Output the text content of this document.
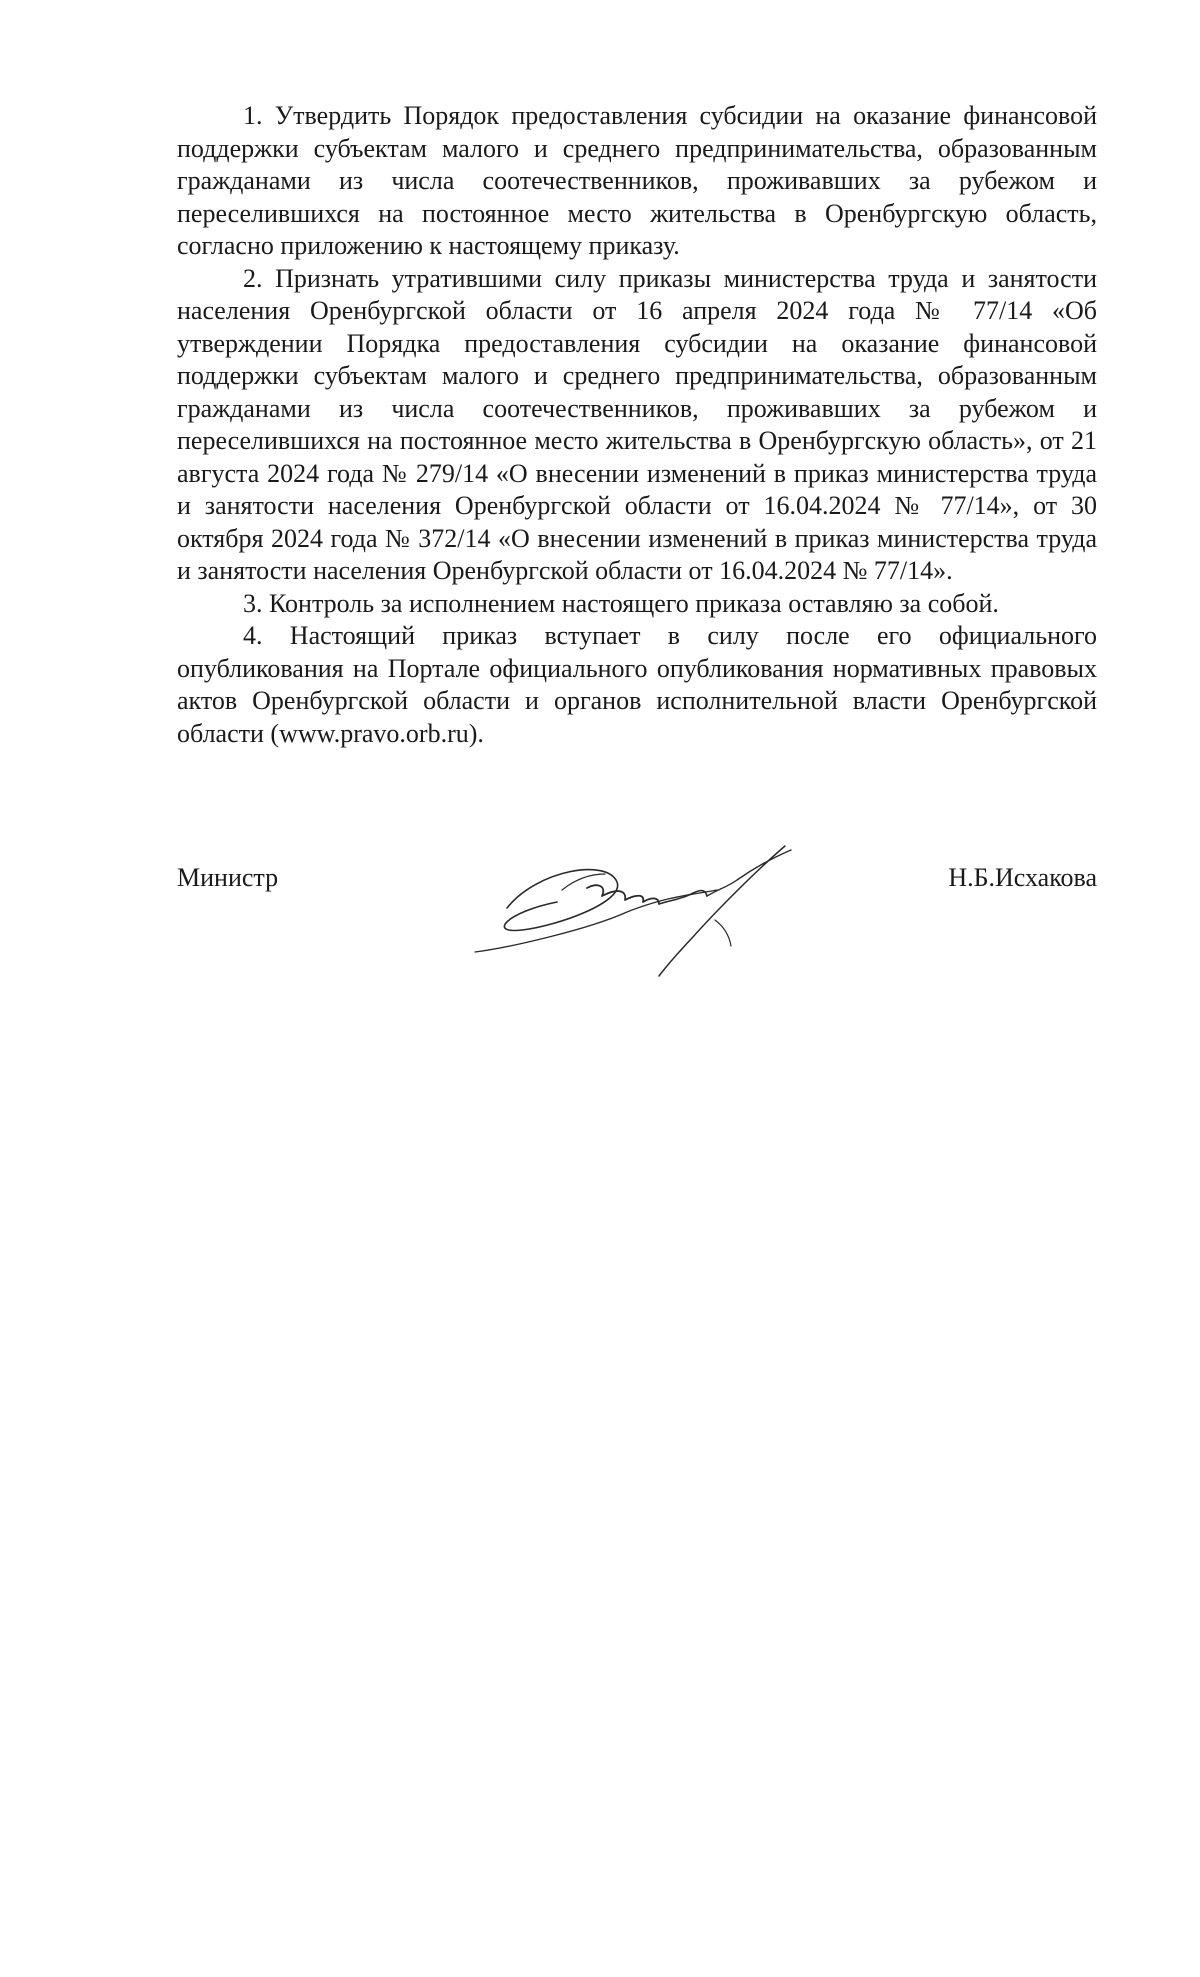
1. Утвердить Порядок предоставления субсидии на оказание финансовой поддержки субъектам малого и среднего предпринимательства, образованным гражданами из числа соотечественников, проживавших за рубежом и переселившихся на постоянное место жительства в Оренбургскую область, согласно приложению к настоящему приказу.

2. Признать утратившими силу приказы министерства труда и занятости населения Оренбургской области от 16 апреля 2024 года № 77/14 «Об утверждении Порядка предоставления субсидии на оказание финансовой поддержки субъектам малого и среднего предпринимательства, образованным гражданами из числа соотечественников, проживавших за рубежом и переселившихся на постоянное место жительства в Оренбургскую область», от 21 августа 2024 года № 279/14 «О внесении изменений в приказ министерства труда и занятости населения Оренбургской области от 16.04.2024 № 77/14», от 30 октября 2024 года № 372/14 «О внесении изменений в приказ министерства труда и занятости населения Оренбургской области от 16.04.2024 № 77/14».

3. Контроль за исполнением настоящего приказа оставляю за собой.

4. Настоящий приказ вступает в силу после его официального опубликования на Портале официального опубликования нормативных правовых актов Оренбургской области и органов исполнительной власти Оренбургской области (www.pravo.orb.ru).

Министр	Н.Б.Исхакова
